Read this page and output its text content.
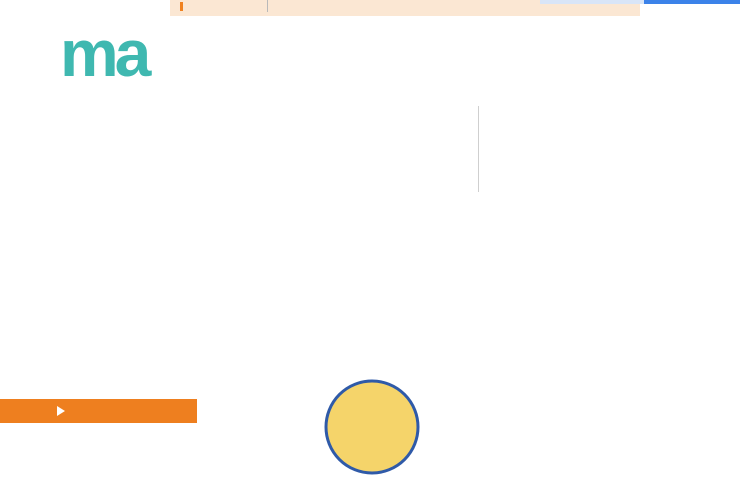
ma
